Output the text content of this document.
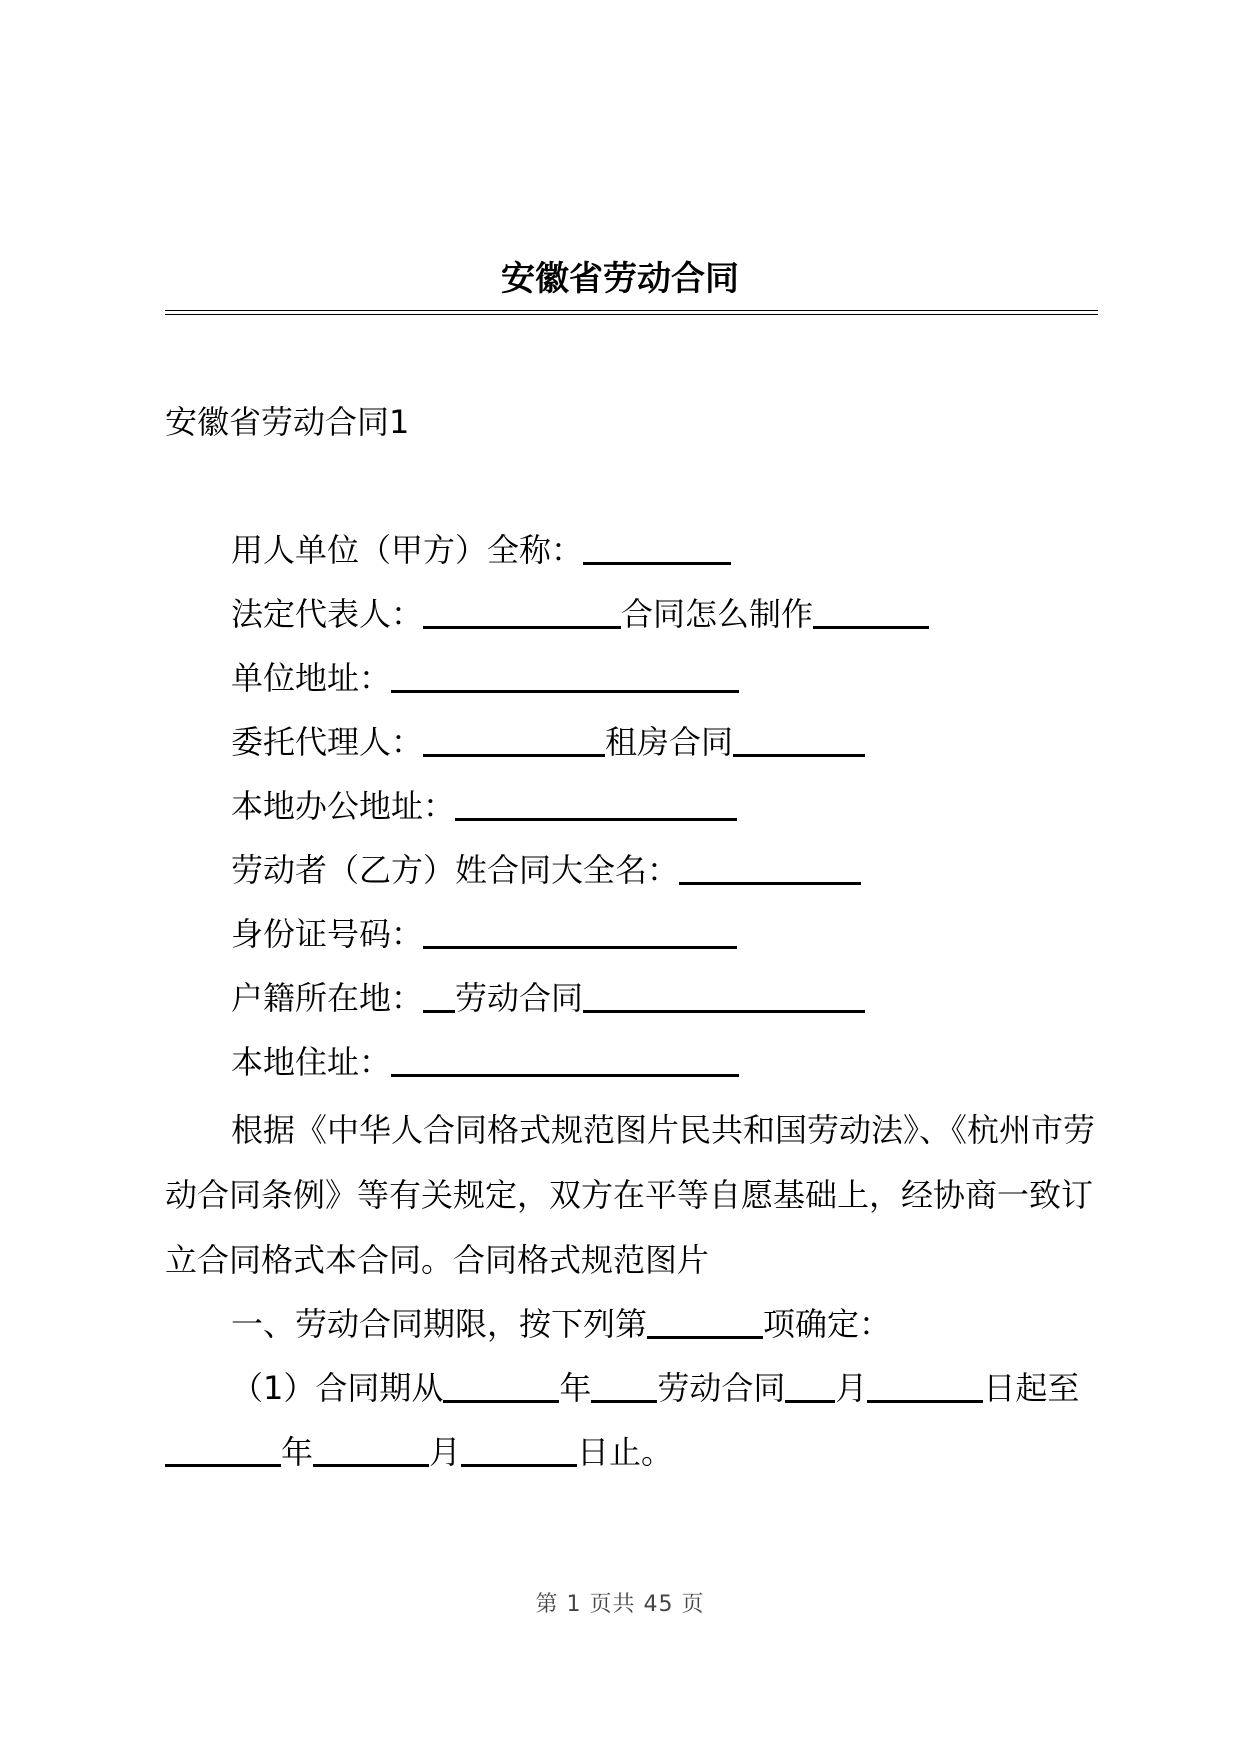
安徽省劳动合同
安徽省劳动合同1
用人单位（甲方）全称：
法定代表人：	合同怎么制作
单位地址：
委托代理人：	租房合同
本地办公地址：
劳动者（乙方）姓合同大全名：
身份证号码：
户籍所在地： 劳动合同
本地住址：
根据《中华人合同格式规范图片民共和国劳动法》、《杭州市劳动合同条例》等有关规定，双方在平等自愿基础上，经协商一致订立合同格式本合同。合同格式规范图片
一、劳动合同期限，按下列第	项确定：
（1）合同期从	年 劳动合同 月	日起至
年	月	日止。
第 1 页共 45 页
